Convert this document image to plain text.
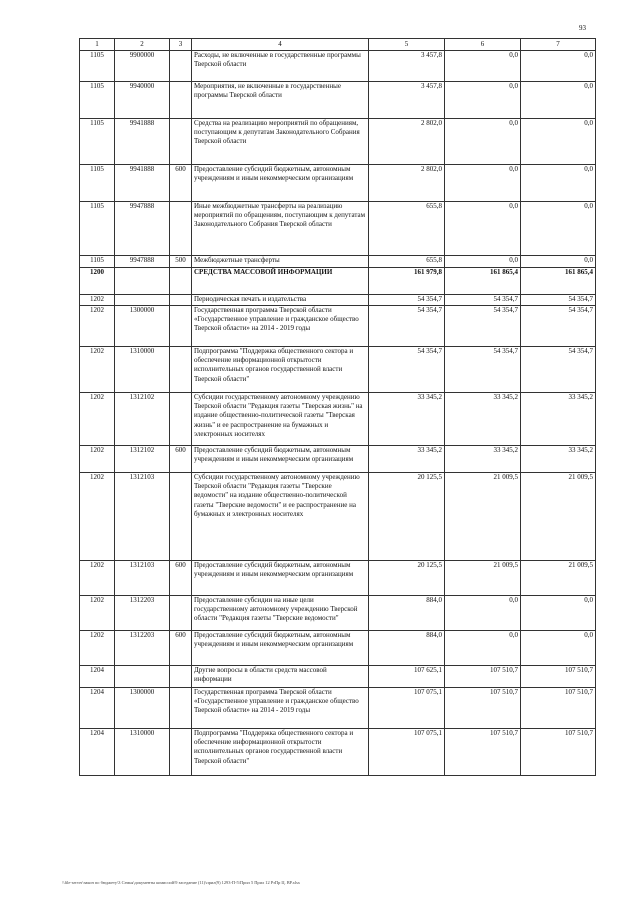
93
1	2	3	4	5	6	7
1105	9900000		Расходы, не включенные в государственные программы Тверской области	3 457,8	0,0	0,0
1105	9940000		Мероприятия, не включенные в государственные программы Тверской области	3 457,8	0,0	0,0
1105	9941888		Средства на реализацию мероприятий по обращениям, поступающим к депутатам Законодательного Собрания Тверской области	2 802,0	0,0	0,0
1105	9941888	600	Предоставление субсидий бюджетным, автономным учреждениям и иным некоммерческим организациям	2 802,0	0,0	0,0
1105	9947888		Иные межбюджетные трансферты на реализацию мероприятий по обращениям, поступающим к депутатам Законодательного Собрания Тверской области	655,8	0,0	0,0
1105	9947888	500	Межбюджетные трансферты	655,8	0,0	0,0
1200			СРЕДСТВА МАССОВОЙ ИНФОРМАЦИИ	161 979,8	161 865,4	161 865,4
1202			Периодическая печать и издательства	54 354,7	54 354,7	54 354,7
1202	1300000		Государственная программа Тверской области «Государственное управление и гражданское общество Тверской области» на 2014 - 2019 годы	54 354,7	54 354,7	54 354,7
1202	1310000		Подпрограмма "Поддержка общественного сектора и обеспечение информационной открытости исполнительных органов государственной власти Тверской области"	54 354,7	54 354,7	54 354,7
1202	1312102		Субсидии государственному автономному учреждению Тверской области "Редакция газеты "Тверская жизнь" на издание общественно-политической газеты "Тверская жизнь" и ее распространение на бумажных и электронных носителях	33 345,2	33 345,2	33 345,2
1202	1312102	600	Предоставление субсидий бюджетным, автономным учреждениям и иным некоммерческим организациям	33 345,2	33 345,2	33 345,2
1202	1312103		Субсидии государственному автономному учреждению Тверской области "Редакция газеты "Тверские ведомости" на издание общественно-политической газеты "Тверские ведомости" и ее распространение на бумажных и электронных носителях	20 125,5	21 009,5	21 009,5
1202	1312103	600	Предоставление субсидий бюджетным, автономным учреждениям и иным некоммерческим организациям	20 125,5	21 009,5	21 009,5
1202	1312203		Предоставление субсидии на иные цели государственному автономному учреждению Тверской области "Редакция газеты "Тверские ведомости"	884,0	0,0	0,0
1202	1312203	600	Предоставление субсидий бюджетным, автономным учреждениям и иным некоммерческим организациям	884,0	0,0	0,0
1204			Другие вопросы в области средств массовой информации	107 625,1	107 510,7	107 510,7
1204	1300000		Государственная программа Тверской области «Государственное управление и гражданское общество Тверской области» на 2014 - 2019 годы	107 075,1	107 510,7	107 510,7
1204	1310000		Подпрограмма "Поддержка общественного сектора и обеспечение информационной открытости исполнительных органов государственной власти Тверской области"	107 075,1	107 510,7	107 510,7
\\file-server\закон по бюджету\3 Семья\документы комиссий\9 заседание (11)\прил(9) 1293-П-5\Прил 5 Прил 12 РзПр Ц. ВР.xlsx
